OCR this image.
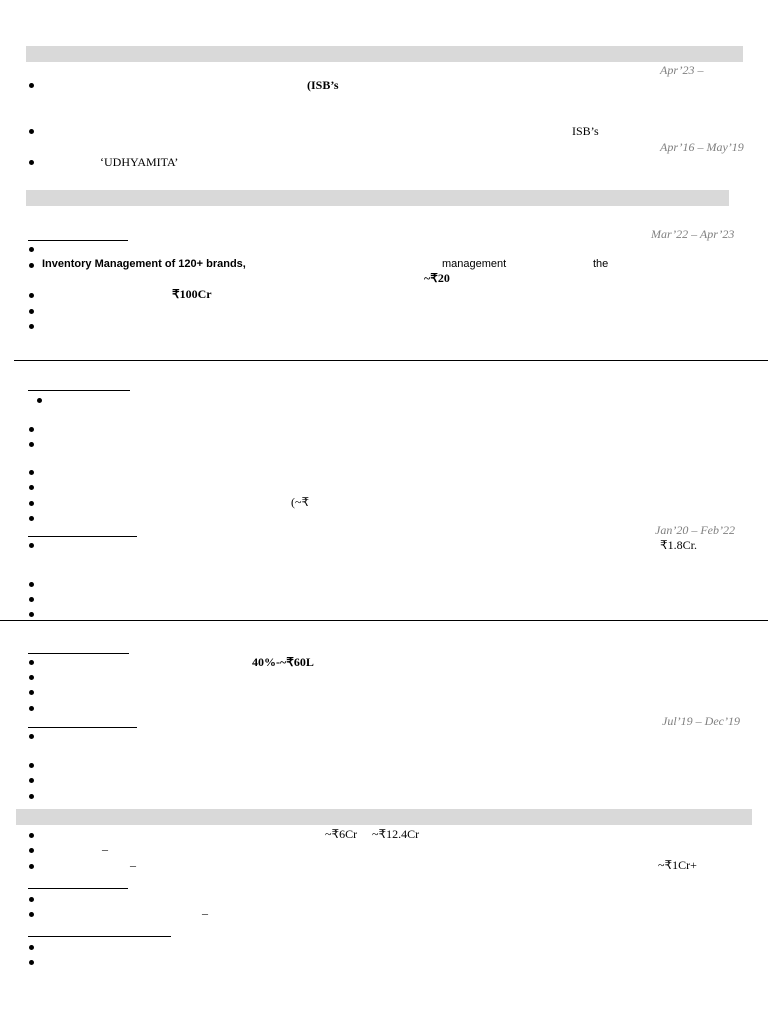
Apr’23 –
(ISB’s
ISB’s
Apr’16 – May’19
‘UDHYAMITA’
Mar’22 – Apr’23
Inventory Management of 120+ brands,	management	the
~₹20
₹100Cr
(~₹
Jan’20 – Feb’22
₹1.8Cr.
40%-~₹60L
Jul’19 – Dec’19
~₹6Cr ~₹12.4Cr
–
–	~₹1Cr+
–
